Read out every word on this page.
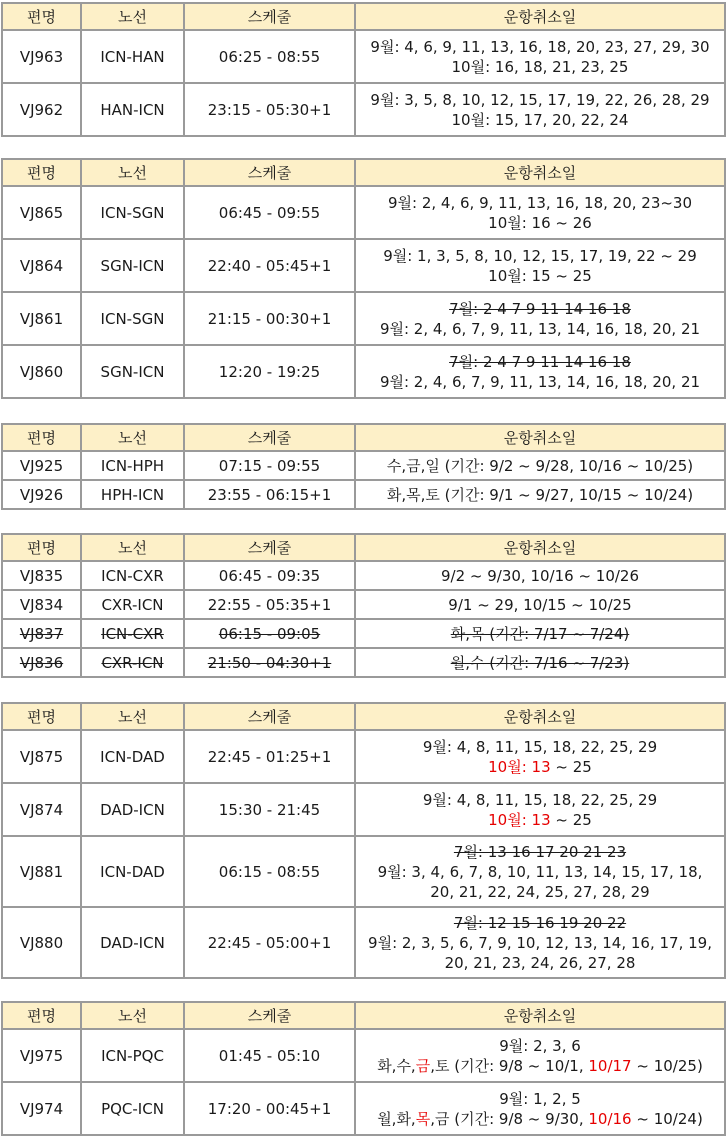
편명	노선	스케줄	운항취소일
VJ963	ICN-HAN	06:25 - 08:55	9월: 4, 6, 9, 11, 13, 16, 18, 20, 23, 27, 29, 30
10월: 16, 18, 21, 23, 25

VJ962	HAN-ICN	23:15 - 05:30+1	9월: 3, 5, 8, 10, 12, 15, 17, 19, 22, 26, 28, 29
10월: 15, 17, 20, 22, 24
편명	노선	스케줄	운항취소일
VJ865	ICN-SGN	06:45 - 09:55	9월: 2, 4, 6, 9, 11, 13, 16, 18, 20, 23~30
10월: 16 ~ 26

VJ864	SGN-ICN	22:40 - 05:45+1	9월: 1, 3, 5, 8, 10, 12, 15, 17, 19, 22 ~ 29
10월: 15 ~ 25

VJ861	ICN-SGN	21:15 - 00:30+1	7월: 2 4 7 9 11 14 16 18
9월: 2, 4, 6, 7, 9, 11, 13, 14, 16, 18, 20, 21

VJ860	SGN-ICN	12:20 - 19:25	7월: 2 4 7 9 11 14 16 18
9월: 2, 4, 6, 7, 9, 11, 13, 14, 16, 18, 20, 21
편명	노선	스케줄	운항취소일
VJ925	ICN-HPH	07:15 - 09:55	수,금,일 (기간: 9/2 ~ 9/28, 10/16 ~ 10/25)

VJ926	HPH-ICN	23:55 - 06:15+1	화,목,토 (기간: 9/1 ~ 9/27, 10/15 ~ 10/24)
편명	노선	스케줄	운항취소일
VJ835	ICN-CXR	06:45 - 09:35	9/2 ~ 9/30, 10/16 ~ 10/26

VJ834	CXR-ICN	22:55 - 05:35+1	9/1 ~ 29, 10/15 ~ 10/25

VJ837	ICN-CXR	06:15 - 09:05	화,목 (기간: 7/17 ~ 7/24)

VJ836	CXR-ICN	21:50 - 04:30+1	월,수 (기간: 7/16 ~ 7/23)
편명	노선	스케줄	운항취소일
VJ875	ICN-DAD	22:45 - 01:25+1	9월: 4, 8, 11, 15, 18, 22, 25, 29
10월: 13 ~ 25

VJ874	DAD-ICN	15:30 - 21:45	9월: 4, 8, 11, 15, 18, 22, 25, 29
10월: 13 ~ 25

VJ881	ICN-DAD	06:15 - 08:55	7월: 13 16 17 20 21 23
9월: 3, 4, 6, 7, 8, 10, 11, 13, 14, 15, 17, 18,
20, 21, 22, 24, 25, 27, 28, 29

VJ880	DAD-ICN	22:45 - 05:00+1	7월: 12 15 16 19 20 22
9월: 2, 3, 5, 6, 7, 9, 10, 12, 13, 14, 16, 17, 19,
20, 21, 23, 24, 26, 27, 28
편명	노선	스케줄	운항취소일
VJ975	ICN-PQC	01:45 - 05:10	9월: 2, 3, 6
화,수,금,토 (기간: 9/8 ~ 10/1, 10/17 ~ 10/25)

VJ974	PQC-ICN	17:20 - 00:45+1	9월: 1, 2, 5
월,화,목,금 (기간: 9/8 ~ 9/30, 10/16 ~ 10/24)
